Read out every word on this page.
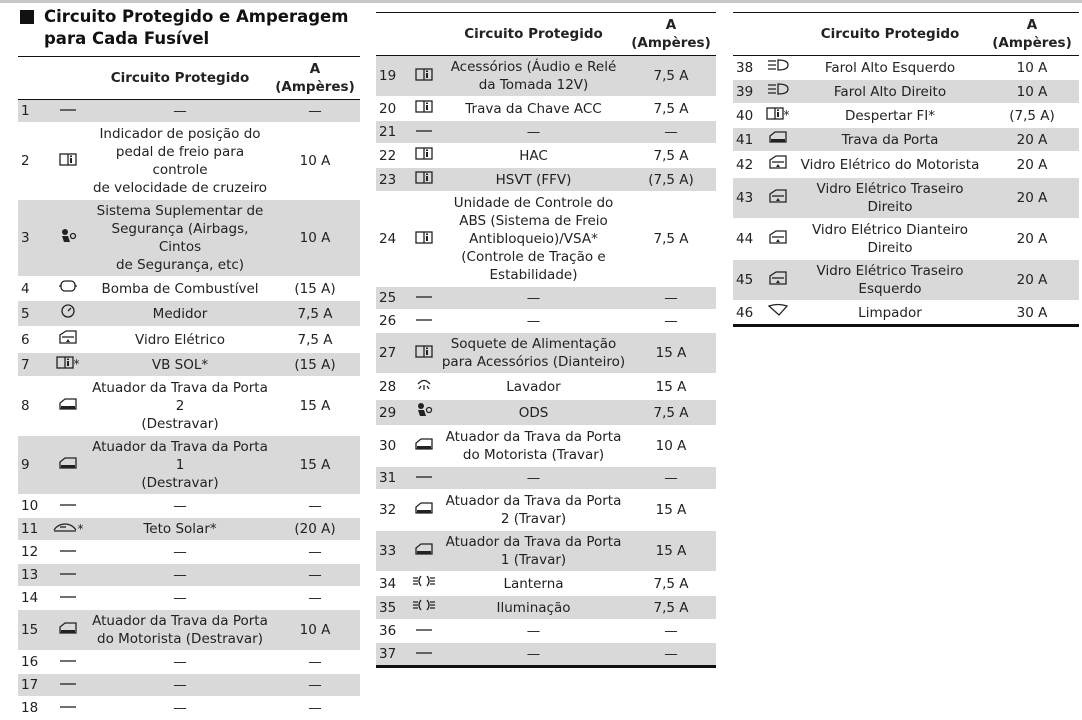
Circuito Protegido e Amperagem para Cada Fusível
		Circuito Protegido	A
(Ampères)
1		—	—
2		Indicador de posição do
pedal de freio para controle
de velocidade de cruzeiro	10 A
3		Sistema Suplementar de
Segurança (Airbags, Cintos
de Segurança, etc)	10 A
4		Bomba de Combustível	(15 A)
5		Medidor	7,5 A
6		Vidro Elétrico	7,5 A
7	*	VB SOL*	(15 A)
8		Atuador da Trava da Porta 2
(Destravar)	15 A
9		Atuador da Trava da Porta 1
(Destravar)	15 A
10		—	—
11	*	Teto Solar*	(20 A)
12		—	—
13		—	—
14		—	—
15		Atuador da Trava da Porta
do Motorista (Destravar)	10 A
16		—	—
17		—	—
18		—	—
		Circuito Protegido	A
(Ampères)
19		Acessórios (Áudio e Relé
da Tomada 12V)	7,5 A
20		Trava da Chave ACC	7,5 A
21		—	—
22		HAC	7,5 A
23		HSVT (FFV)	(7,5 A)
24		Unidade de Controle do
ABS (Sistema de Freio
Antibloqueio)/VSA*
(Controle de Tração e
Estabilidade)	7,5 A
25		—	—
26		—	—
27		Soquete de Alimentação
para Acessórios (Dianteiro)	15 A
28		Lavador	15 A
29		ODS	7,5 A
30		Atuador da Trava da Porta
do Motorista (Travar)	10 A
31		—	—
32		Atuador da Trava da Porta
2 (Travar)	15 A
33		Atuador da Trava da Porta
1 (Travar)	15 A
34		Lanterna	7,5 A
35		Iluminação	7,5 A
36		—	—
37		—	—
		Circuito Protegido	A
(Ampères)
38		Farol Alto Esquerdo	10 A
39		Farol Alto Direito	10 A
40	*	Despertar FI*	(7,5 A)
41		Trava da Porta	20 A
42		Vidro Elétrico do Motorista	20 A
43		Vidro Elétrico Traseiro Direito	20 A
44		Vidro Elétrico Dianteiro
Direito	20 A
45		Vidro Elétrico Traseiro
Esquerdo	20 A
46		Limpador	30 A
